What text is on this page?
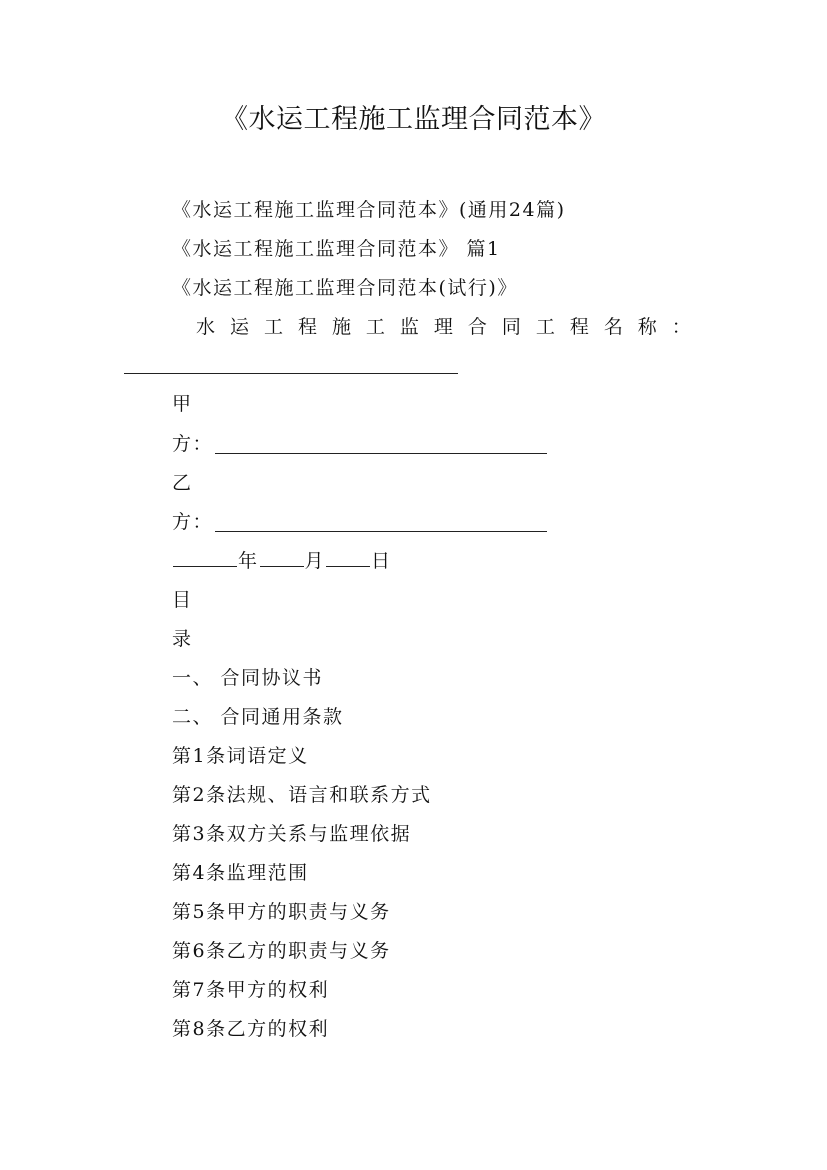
《水运工程施工监理合同范本》
《水运工程施工监理合同范本》(通用24篇)
《水运工程施工监理合同范本》 篇1
《水运工程施工监理合同范本(试行)》
水 运 工 程 施 工 监 理 合 同 工 程 名 称 ：
甲
方：
乙
方：
年 月 日
目
录
一、 合同协议书
二、 合同通用条款
第1条词语定义
第2条法规、语言和联系方式
第3条双方关系与监理依据
第4条监理范围
第5条甲方的职责与义务
第6条乙方的职责与义务
第7条甲方的权利
第8条乙方的权利
